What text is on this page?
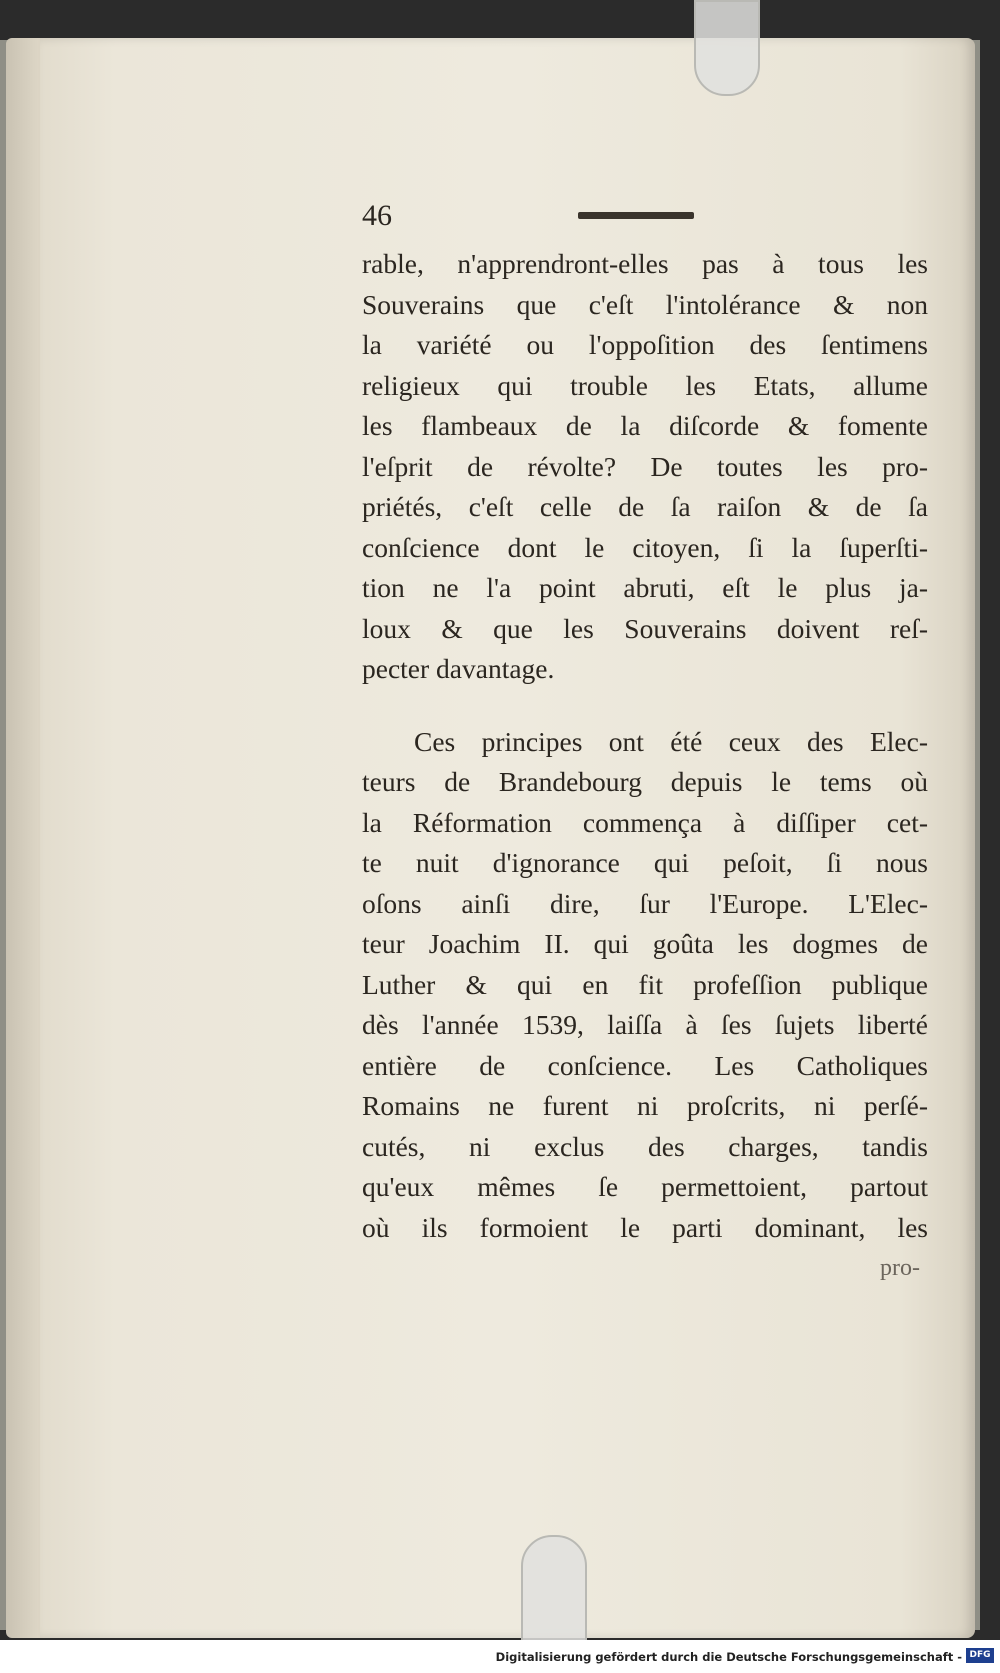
46
rable, n'apprendront-elles pas à tous les
Souverains que c'eſt l'intolérance & non
la variété ou l'oppoſition des ſentimens
religieux qui trouble les Etats, allume
les flambeaux de la diſcorde & fomente
l'eſprit de révolte? De toutes les pro-
priétés, c'eſt celle de ſa raiſon & de ſa
conſcience dont le citoyen, ſi la ſuperſti-
tion ne l'a point abruti, eſt le plus ja-
loux & que les Souverains doivent reſ-
pecter davantage.
Ces principes ont été ceux des Elec-
teurs de Brandebourg depuis le tems où
la Réformation commença à diſſiper cet-
te nuit d'ignorance qui peſoit, ſi nous
oſons ainſi dire, ſur l'Europe. L'Elec-
teur Joachim II. qui goûta les dogmes de
Luther & qui en fit profeſſion publique
dès l'année 1539, laiſſa à ſes ſujets liberté
entière de conſcience. Les Catholiques
Romains ne furent ni proſcrits, ni perſé-
cutés, ni exclus des charges, tandis
qu'eux mêmes ſe permettoient, partout
où ils formoient le parti dominant, les
pro-
Digitalisierung gefördert durch die Deutsche Forschungsgemeinschaft - DFG
